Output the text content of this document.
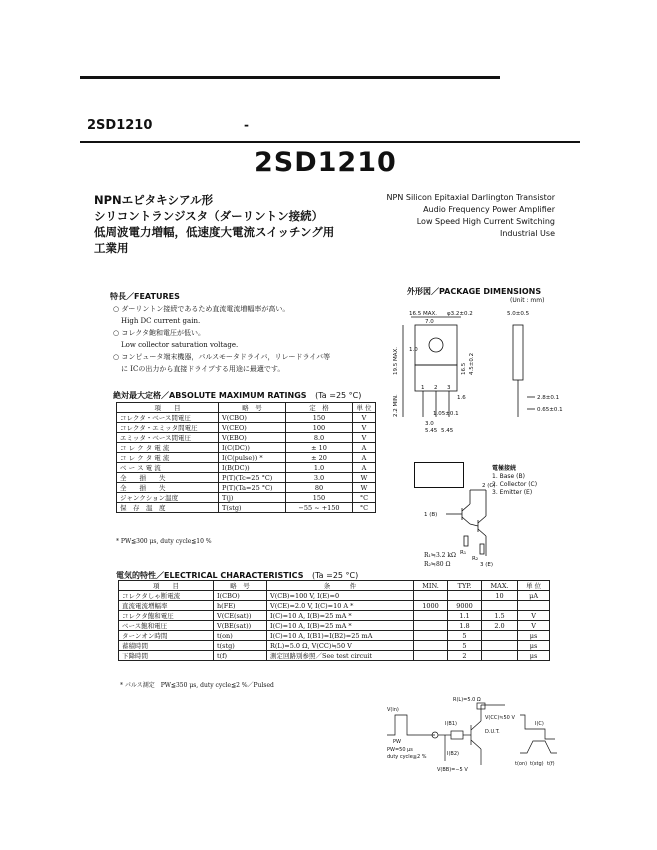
2SD1210	-
2SD1210
NPNエピタキシアル形
シリコントランジスタ（ダーリントン接続）
低周波電力増幅，低速度大電流スイッチング用
工業用
NPN Silicon Epitaxial Darlington Transistor
Audio Frequency Power Amplifier
Low Speed High Current Switching
Industrial Use
特長／FEATURES
○ ダーリントン接続であるため直流電流増幅率が高い。
High DC current gain.
○ コレクタ飽和電圧が低い。
Low collector saturation voltage.
○ コンピュータ端末機器，パルスモータドライバ，リレードライバ等
に ICの出力から直接ドライブする用途に最適です。
絶対最大定格／ABSOLUTE MAXIMUM RATINGS (Ta =25 °C)
項　　目	略　号	定　格	単 位
コレクタ・ベース間電圧	V(CBO)	150	V
コレクタ・エミッタ間電圧	V(CEO)	100	V
エミッタ・ベース間電圧	V(EBO)	8.0	V
コ レ ク タ 電 流	I(C(DC))	± 10	A
コ レ ク タ 電 流	I(C(pulse)) *	± 20	A
ベ ー ス 電 流	I(B(DC))	1.0	A
全　　損　　失	P(T)(Tc=25 °C)	3.0	W
全　　損　　失	P(T)(Ta=25 °C)	80	W
ジャンクション温度	T(j)	150	°C
保　存　温　度	T(stg)	−55 ~ +150	°C
* PW≦300 μs, duty cycle≦10 %
外形図／PACKAGE DIMENSIONS
(Unit : mm)
16.5 MAX. φ3.2±0.2	5.0±0.5
7.0
19.5 MAX.
2.2 MIN.
1.0
1.6
1.05±0.1
2.8±0.1
0.65±0.1
3.0
5.45 5.45
16.5 4.5±0.2
1 2 3
電極接続
1. Base (B)
2. Collector (C)
3. Emitter (E)
2 (C)
1 (B)
3 (E)
R₁
R₂
R₁≒3.2 kΩ
R₂≒80 Ω
電気的特性／ELECTRICAL CHARACTERISTICS (Ta =25 °C)
項　　目	略　号	条　　　件	MIN.	TYP.	MAX.	単 位
コレクタしゃ断電流	I(CBO)	V(CB)=100 V, I(E)=0			10	μA
直流電流増幅率	h(FE)	V(CE)=2.0 V, I(C)=10 A *	1000	9000		
コレクタ飽和電圧	V(CE(sat))	I(C)=10 A, I(B)=25 mA *		1.1	1.5	V
ベース飽和電圧	V(BE(sat))	I(C)=10 A, I(B)=25 mA *		1.8	2.0	V
ターンオン時間	t(on)	I(C)=10 A, I(B1)=I(B2)=25 mA		5		μs
蓄積時間	t(stg)	R(L)=5.0 Ω, V(CC)≒50 V		5		μs
下降時間	t(f)	測定回路別参照／See test circuit		2		μs
* パルス測定　PW≦350 μs, duty cycle≦2 %／Pulsed
V(in)
PW
PW=50 μs
duty cycle≦2 %
R(L)=5.0 Ω
I(B1)
I(B2)
D.U.T.
V(CC)≒50 V
V(BB)=−5 V
I(C)
t(on) t(stg) t(f)
